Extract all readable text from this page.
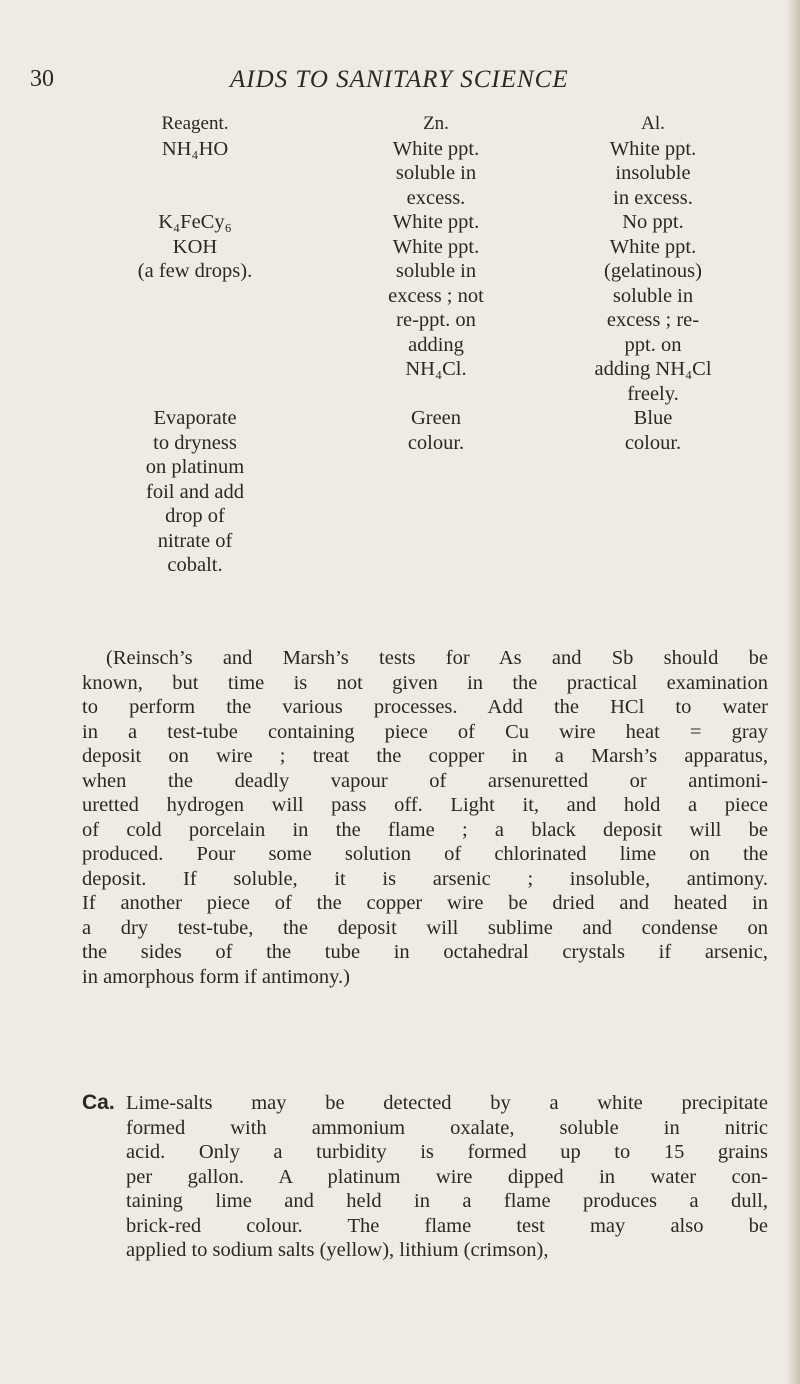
30	AIDS TO SANITARY SCIENCE
Reagent.
NH₄HO

K₄FeCy₆
KOH
(a few drops).

Evaporate
to dryness
on platinum
foil and add
drop of
nitrate of
cobalt.
Zn.
White ppt.
soluble in
excess.
White ppt.
White ppt.
soluble in
excess ; not
re-ppt. on
adding
NH₄Cl.

Green
colour.
Al.
White ppt.
insoluble
in excess.
No ppt.
White ppt.
(gelatinous)
soluble in
excess ; re-
ppt. on
adding NH₄Cl
freely.
Blue
colour.
(Reinsch’s and Marsh’s tests for As and Sb should be
known, but time is not given in the practical examination
to perform the various processes. Add the HCl to water
in a test-tube containing piece of Cu wire heat = gray
deposit on wire ; treat the copper in a Marsh’s apparatus,
when the deadly vapour of arsenuretted or antimoni-
uretted hydrogen will pass off. Light it, and hold a piece
of cold porcelain in the flame ; a black deposit will be
produced. Pour some solution of chlorinated lime on the
deposit. If soluble, it is arsenic ; insoluble, antimony.
If another piece of the copper wire be dried and heated in
a dry test-tube, the deposit will sublime and condense on
the sides of the tube in octahedral crystals if arsenic,
in amorphous form if antimony.)
Ca. Lime-salts may be detected by a white precipitate
formed with ammonium oxalate, soluble in nitric
acid. Only a turbidity is formed up to 15 grains
per gallon. A platinum wire dipped in water con-
taining lime and held in a flame produces a dull,
brick-red colour. The flame test may also be
applied to sodium salts (yellow), lithium (crimson),
